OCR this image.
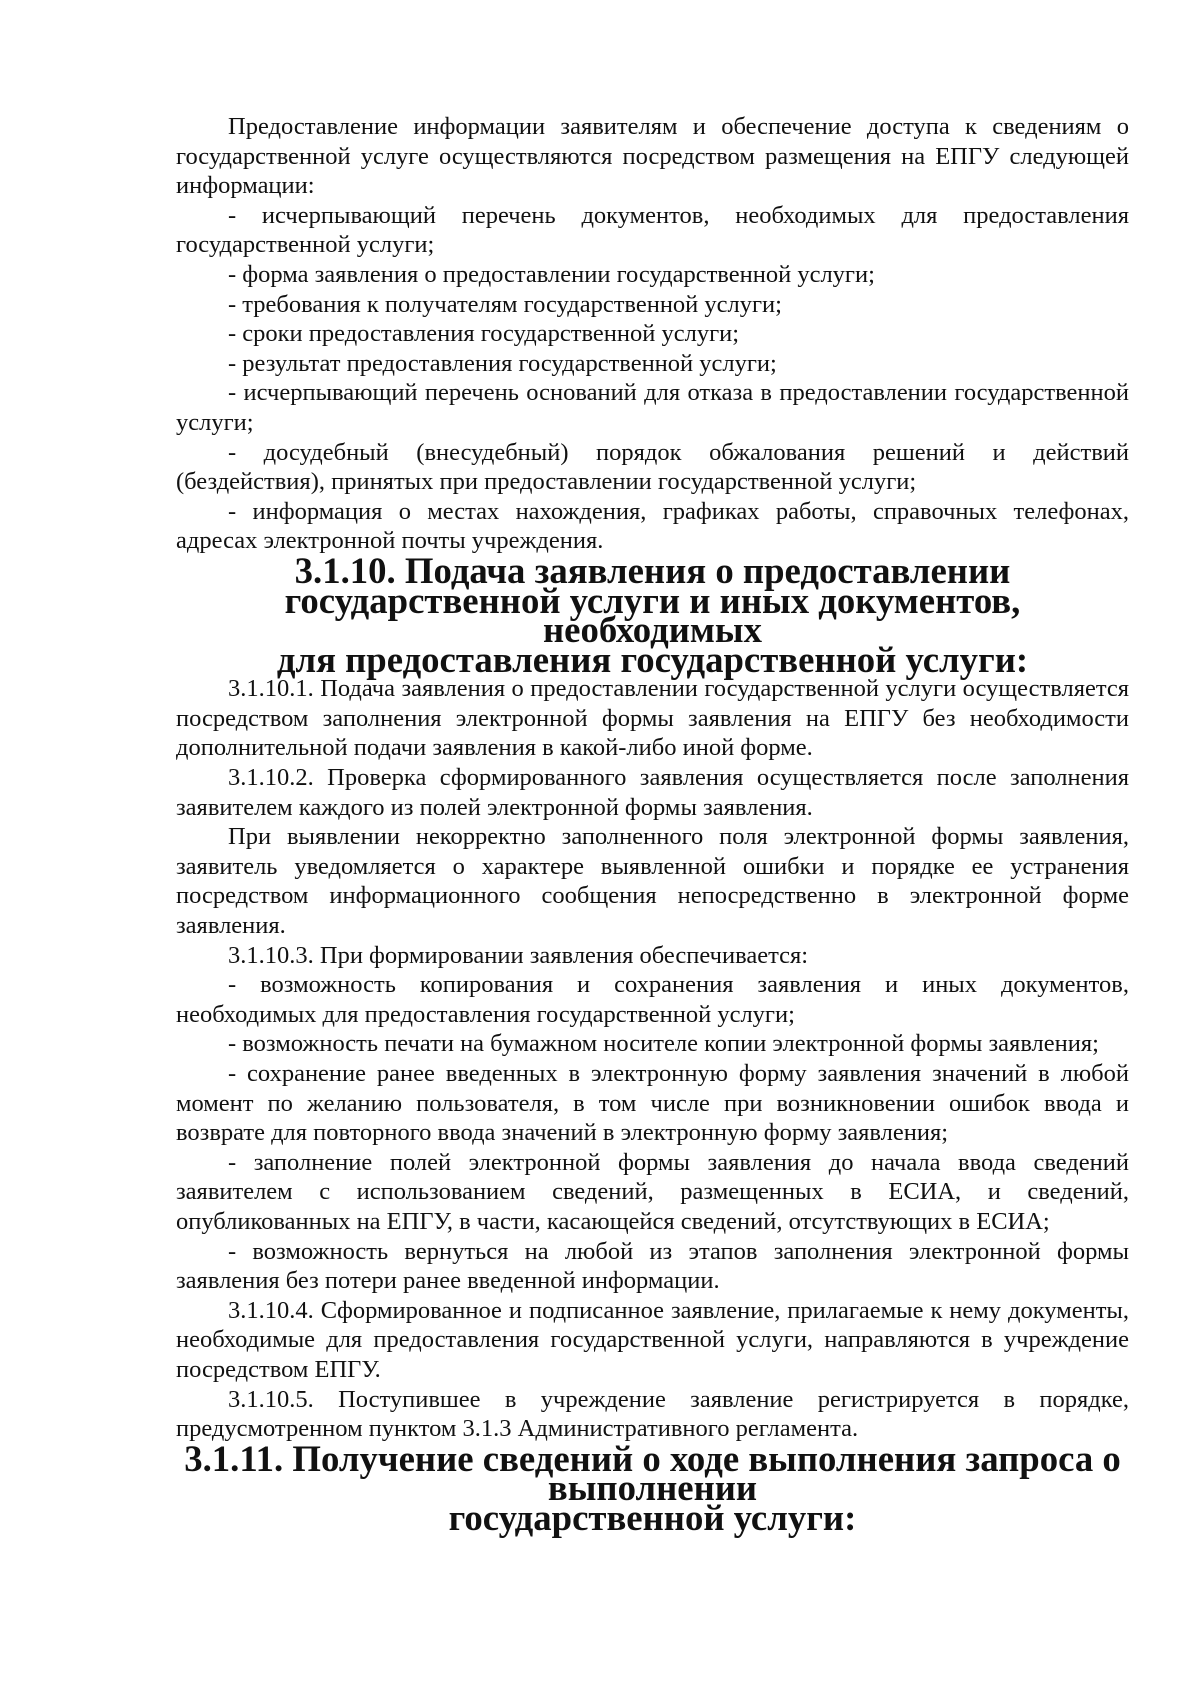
Предоставление информации заявителям и обеспечение доступа к сведениям о государственной услуге осуществляются посредством размещения на ЕПГУ следующей информации:

- исчерпывающий перечень документов, необходимых для предоставления государственной услуги;

- форма заявления о предоставлении государственной услуги;

- требования к получателям государственной услуги;

- сроки предоставления государственной услуги;

- результат предоставления государственной услуги;

- исчерпывающий перечень оснований для отказа в предоставлении государственной услуги;

- досудебный (внесудебный) порядок обжалования решений и действий (бездействия), принятых при предоставлении государственной услуги;

- информация о местах нахождения, графиках работы, справочных телефонах, адресах электронной почты учреждения.

3.1.10. Подача заявления о предоставлении
государственной услуги и иных документов, необходимых
для предоставления государственной услуги:

3.1.10.1. Подача заявления о предоставлении государственной услуги осуществляется посредством заполнения электронной формы заявления на ЕПГУ без необходимости дополнительной подачи заявления в какой-либо иной форме.

3.1.10.2. Проверка сформированного заявления осуществляется после заполнения заявителем каждого из полей электронной формы заявления.

При выявлении некорректно заполненного поля электронной формы заявления, заявитель уведомляется о характере выявленной ошибки и порядке ее устранения посредством информационного сообщения непосредственно в электронной форме заявления.

3.1.10.3. При формировании заявления обеспечивается:

- возможность копирования и сохранения заявления и иных документов, необходимых для предоставления государственной услуги;

- возможность печати на бумажном носителе копии электронной формы заявления;

- сохранение ранее введенных в электронную форму заявления значений в любой момент по желанию пользователя, в том числе при возникновении ошибок ввода и возврате для повторного ввода значений в электронную форму заявления;

- заполнение полей электронной формы заявления до начала ввода сведений заявителем с использованием сведений, размещенных в ЕСИА, и сведений, опубликованных на ЕПГУ, в части, касающейся сведений, отсутствующих в ЕСИА;

- возможность вернуться на любой из этапов заполнения электронной формы заявления без потери ранее введенной информации.

3.1.10.4. Сформированное и подписанное заявление, прилагаемые к нему документы, необходимые для предоставления государственной услуги, направляются в учреждение посредством ЕПГУ.

3.1.10.5. Поступившее в учреждение заявление регистрируется в порядке, предусмотренном пунктом 3.1.3 Административного регламента.

3.1.11. Получение сведений о ходе выполнения запроса о выполнении
государственной услуги:
